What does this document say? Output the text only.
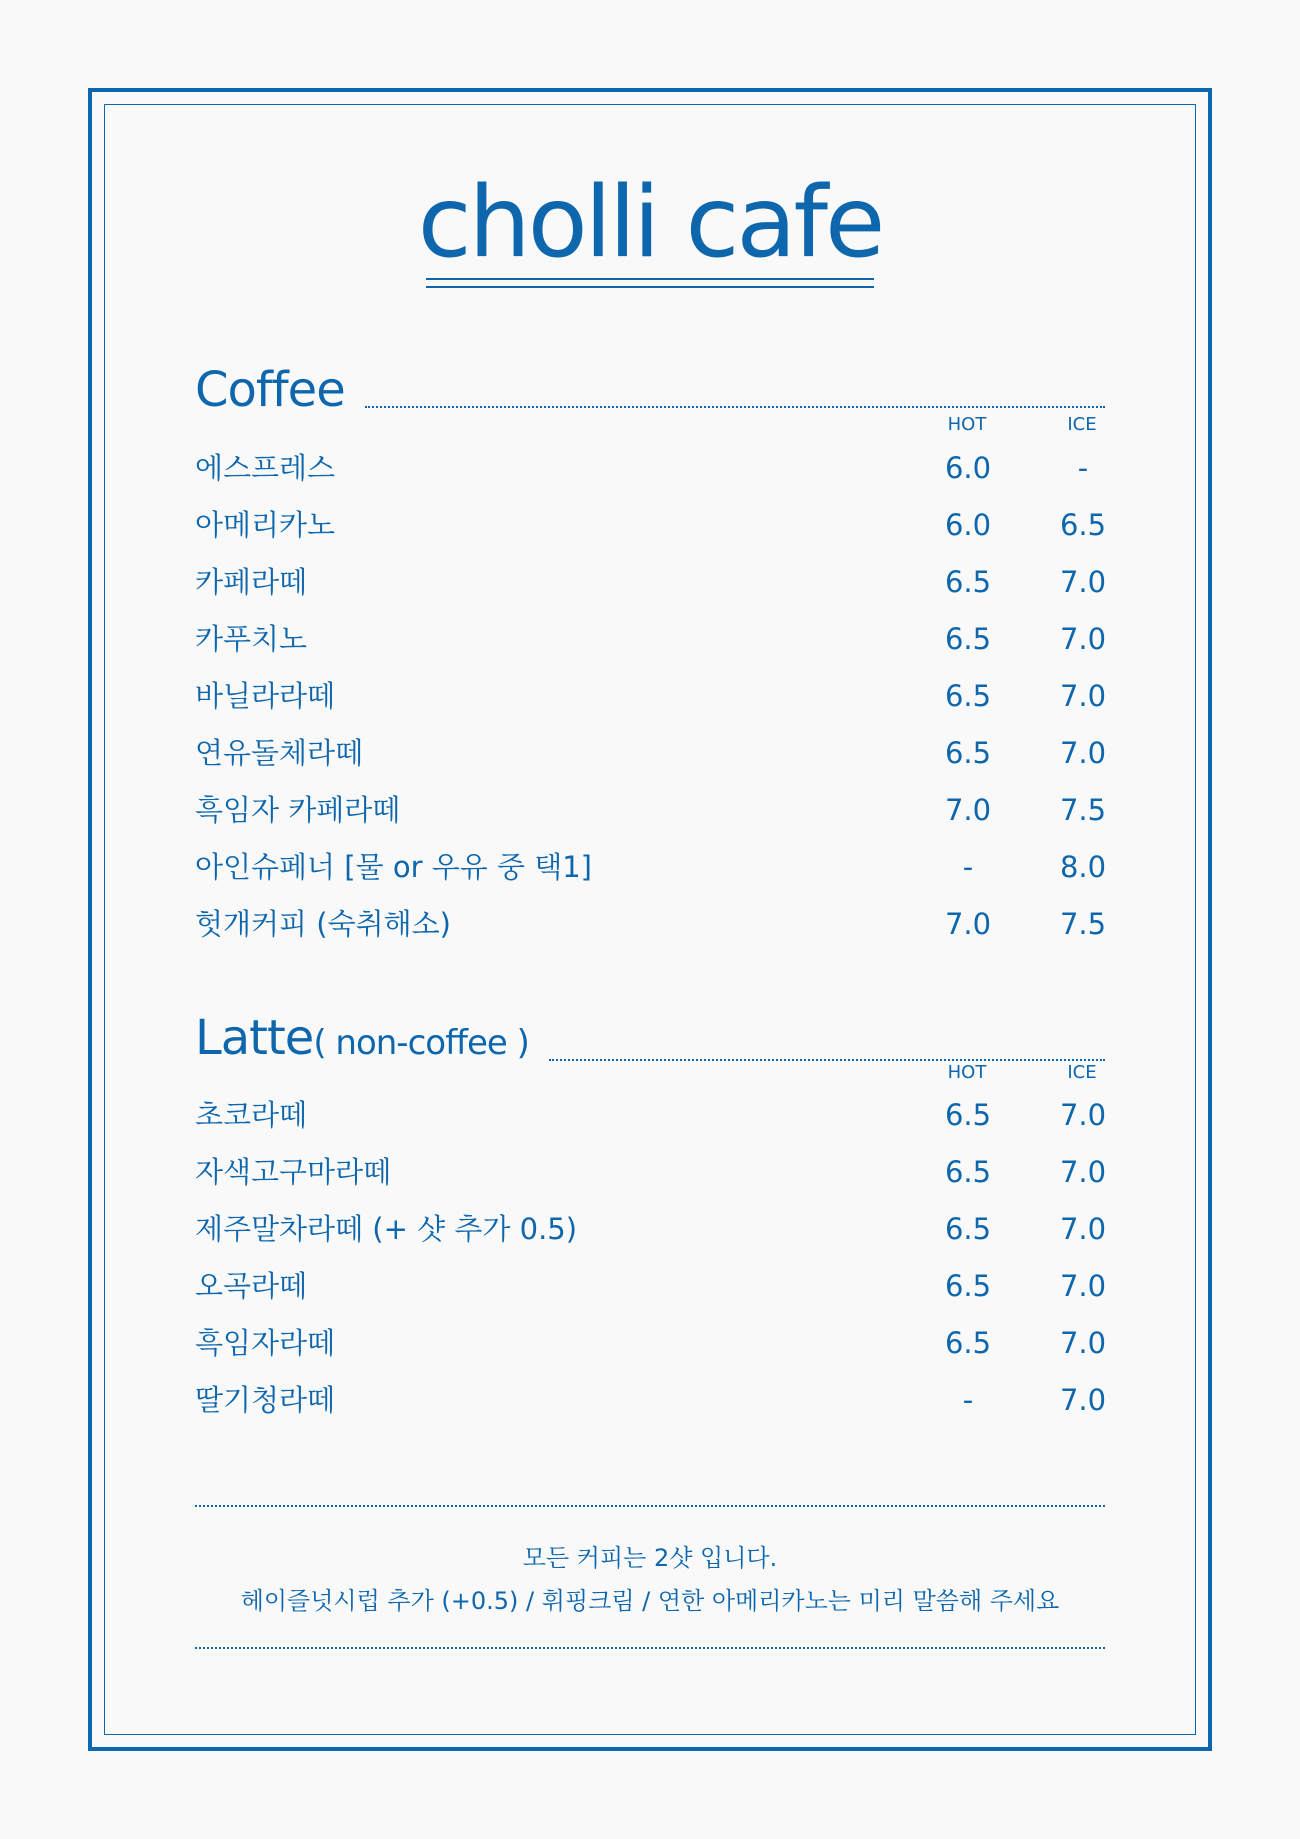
cholli cafe
Coffee
HOT	ICE
에스프레스	6.0	-
아메리카노	6.0	6.5
카페라떼	6.5	7.0
카푸치노	6.5	7.0
바닐라라떼	6.5	7.0
연유돌체라떼	6.5	7.0
흑임자 카페라떼	7.0	7.5
아인슈페너 [물 or 우유 중 택1]	-	8.0
헛개커피 (숙취해소)	7.0	7.5
Latte( non-coffee )
HOT	ICE
초코라떼	6.5	7.0
자색고구마라떼	6.5	7.0
제주말차라떼 (+ 샷 추가 0.5)	6.5	7.0
오곡라떼	6.5	7.0
흑임자라떼	6.5	7.0
딸기청라떼	-	7.0
모든 커피는 2샷 입니다.
헤이즐넛시럽 추가 (+0.5) / 휘핑크림 / 연한 아메리카노는 미리 말씀해 주세요
